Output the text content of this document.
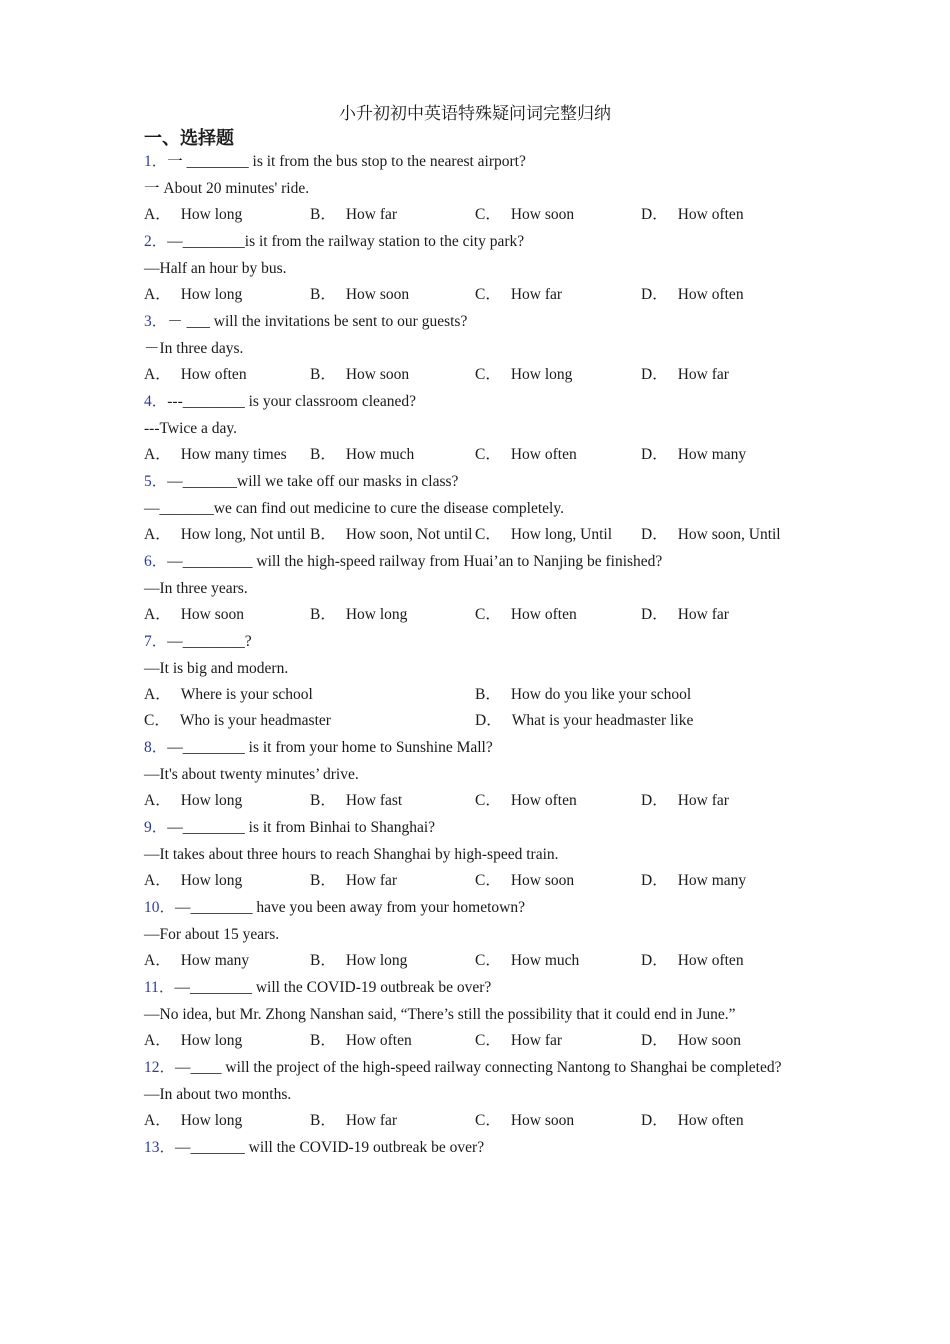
小升初初中英语特殊疑问词完整归纳
一、选择题
1．一 ________ is it from the bus stop to the nearest airport?
一 About 20 minutes' ride.
A． How long	B． How far	C． How soon	D． How often
2．—________is it from the railway station to the city park?
—Half an hour by bus.
A． How long	B． How soon	C． How far	D． How often
3．－ ___ will the invitations be sent to our guests?
－In three days.
A． How often	B． How soon	C． How long	D． How far
4．---________ is your classroom cleaned?
---Twice a day.
A． How many times B． How much	C． How often	D． How many
5．—_______will we take off our masks in class?
—_______we can find out medicine to cure the disease completely.
A． How long, Not until B． How soon, Not until C． How long, Until D． How soon, Until
6．—_________ will the high-speed railway from Huai’an to Nanjing be finished?
—In three years.
A． How soon	B． How long	C． How often	D． How far
7．—________?
—It is big and modern.
A． Where is your school	B． How do you like your school
C． Who is your headmaster	D． What is your headmaster like
8．—________ is it from your home to Sunshine Mall?
—It's about twenty minutes’ drive.
A． How long	B． How fast	C． How often	D． How far
9．—________ is it from Binhai to Shanghai?
—It takes about three hours to reach Shanghai by high-speed train.
A． How long	B． How far	C． How soon	D． How many
10．—________ have you been away from your hometown?
—For about 15 years.
A． How many	B． How long	C． How much	D． How often
11．—________ will the COVID-19 outbreak be over?
—No idea, but Mr. Zhong Nanshan said, “There’s still the possibility that it could end in June.”
A． How long	B． How often	C． How far	D． How soon
12．—____ will the project of the high-speed railway connecting Nantong to Shanghai be completed?
—In about two months.
A． How long	B． How far	C． How soon	D． How often
13．—_______ will the COVID-19 outbreak be over?
